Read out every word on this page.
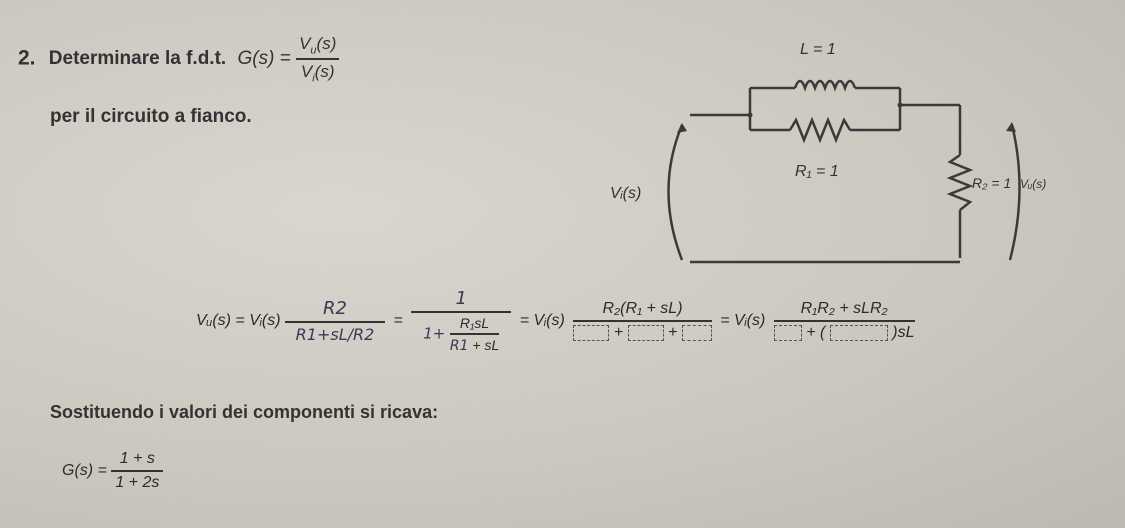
2. Determinare la f.d.t. $G(s) = \frac{V_u(s)}{V_i(s)}$
per il circuito a fianco.
L = 1
R₁ = 1
R₂ = 1
Vᵢ(s)
Vᵤ(s)
Vᵤ(s) = Vᵢ(s) $\frac{R2}{R1+sL/R2} = \frac{1}{1+ \frac{\text{R₁sL}}{R1 + sL}}$ = Vᵢ(s) R₂(R₁ + sL)
+	+ = Vᵢ(s) R₁R₂ + sLR₂
+ (	)sL
Sostituendo i valori dei componenti si ricava:
$G(s) = \frac{1 + s}{1 + 2s}$
